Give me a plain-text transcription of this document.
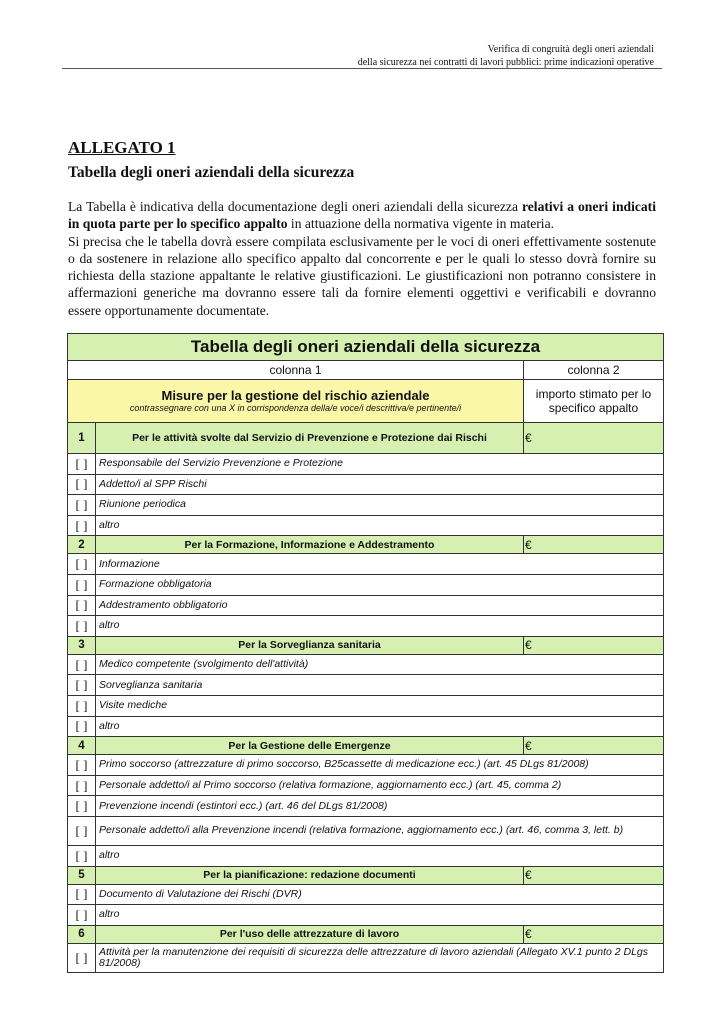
Verifica di congruità degli oneri aziendali
della sicurezza nei contratti di lavori pubblici: prime indicazioni operative
ALLEGATO 1
Tabella degli oneri aziendali della sicurezza

La Tabella è indicativa della documentazione degli oneri aziendali della sicurezza relativi a oneri indicati in quota parte per lo specifico appalto in attuazione della normativa vigente in materia.

Si precisa che le tabella dovrà essere compilata esclusivamente per le voci di oneri effettivamente sostenute o da sostenere in relazione allo specifico appalto dal concorrente e per le quali lo stesso dovrà fornire su richiesta della stazione appaltante le relative giustificazioni. Le giustificazioni non potranno consistere in affermazioni generiche ma dovranno essere tali da fornire elementi oggettivi e verificabili e dovranno essere opportunamente documentate.

Tabella degli oneri aziendali della sicurezza		
colonna 1		colonna 2

Misure per la gestione del rischio aziendale
contrassegnare con una X in corrispondenza della/e voce/i descrittiva/e pertinente/i		importo stimato per lo specifico appalto
1	Per le attività svolte dal Servizio di Prevenzione e Protezione dai Rischi	€
[ ]	Responsabile del Servizio Prevenzione e Protezione	
[ ]	Addetto/i al SPP Rischi	
[ ]	Riunione periodica	
[ ]	altro	
2	Per la Formazione, Informazione e Addestramento	€
[ ]	Informazione	
[ ]	Formazione obbligatoria	
[ ]	Addestramento obbligatorio	
[ ]	altro	
3	Per la Sorveglianza sanitaria	€
[ ]	Medico competente (svolgimento dell'attività)	
[ ]	Sorveglianza sanitaria	
[ ]	Visite mediche	
[ ]	altro	
4	Per la Gestione delle Emergenze	€
[ ]	Primo soccorso (attrezzature di primo soccorso, B25cassette di medicazione ecc.) (art. 45 DLgs 81/2008)	
[ ]	Personale addetto/i al Primo soccorso (relativa formazione, aggiornamento ecc.) (art. 45, comma 2)	
[ ]	Prevenzione incendi (estintori ecc.) (art. 46 del DLgs 81/2008)	
[ ]	Personale addetto/i alla Prevenzione incendi (relativa formazione, aggiornamento ecc.) (art. 46, comma 3, lett. b)	
[ ]	altro	
5	Per la pianificazione: redazione documenti	€
[ ]	Documento di Valutazione dei Rischi (DVR)	
[ ]	altro	
6	Per l'uso delle attrezzature di lavoro	€
[ ]	Attività per la manutenzione dei requisiti di sicurezza delle attrezzature di lavoro aziendali (Allegato XV.1 punto 2 DLgs 81/2008)	
